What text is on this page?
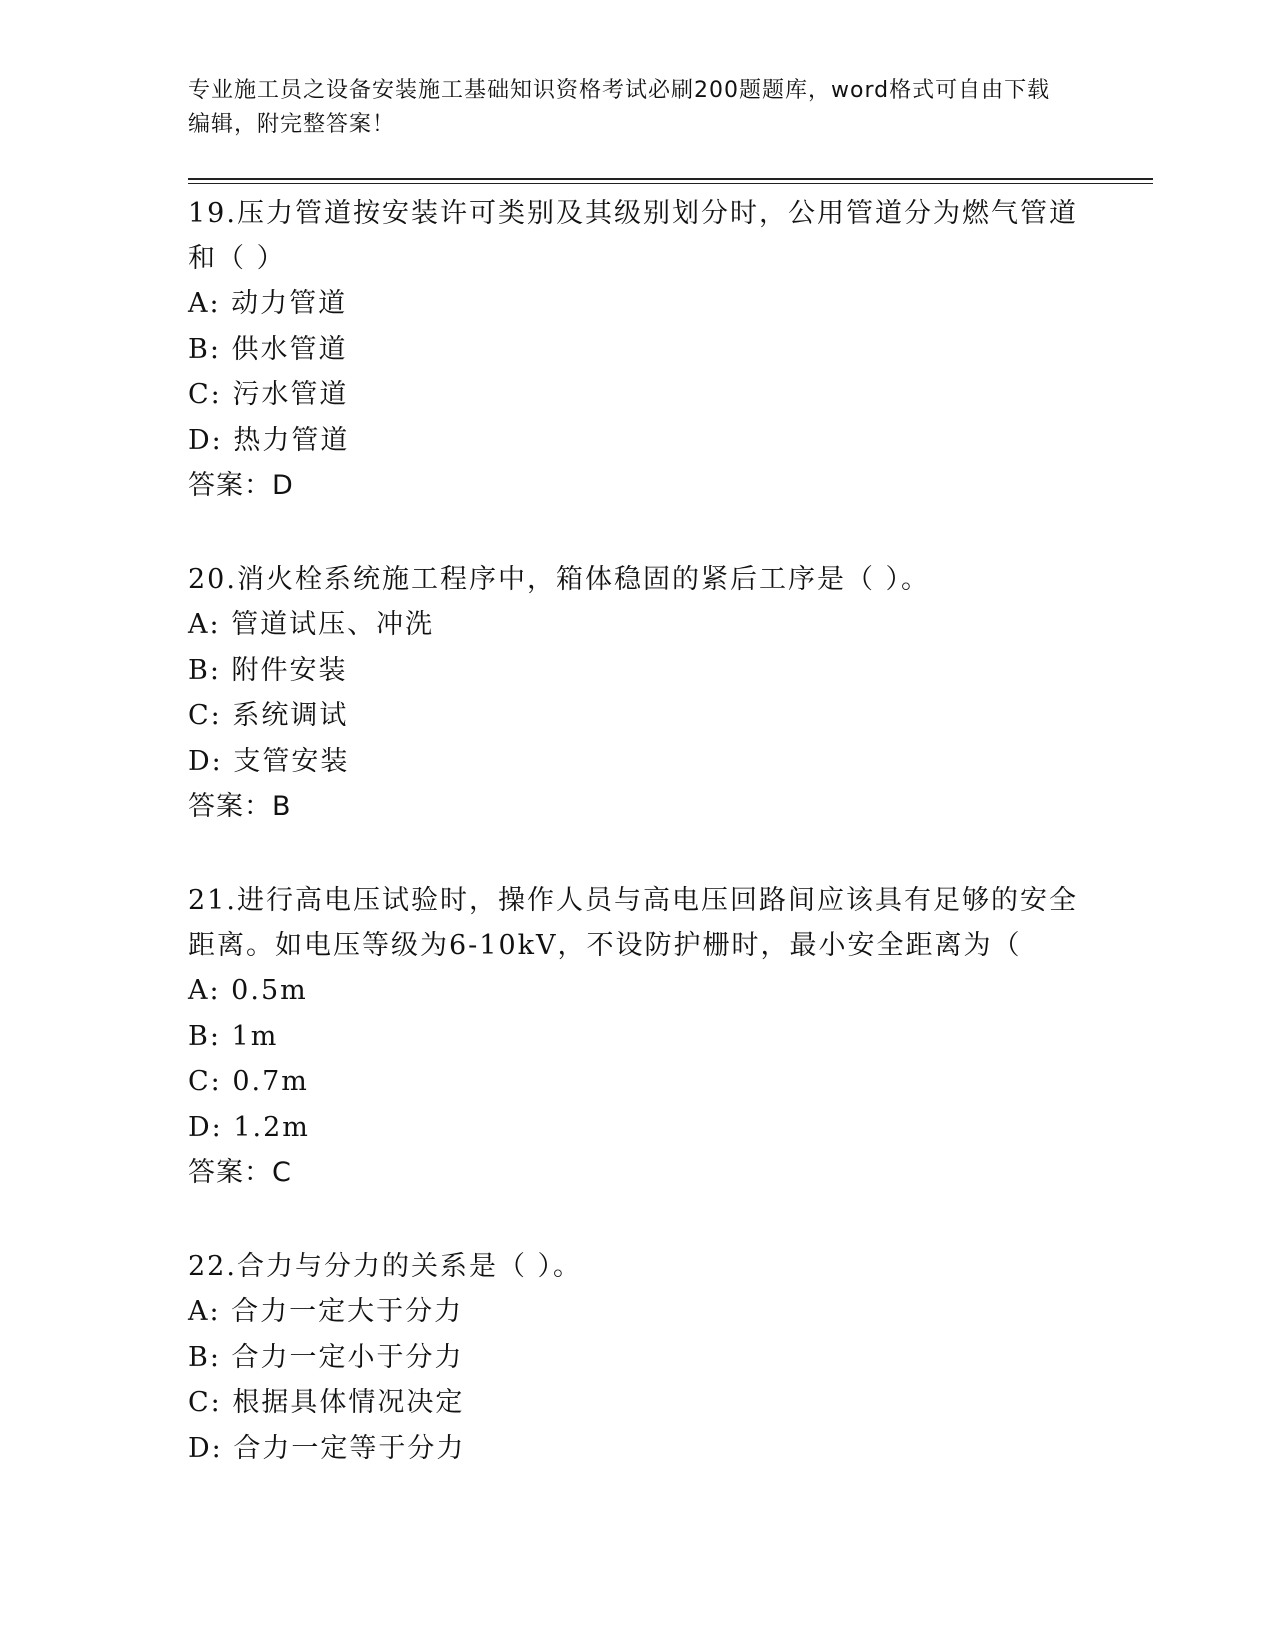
专业施工员之设备安装施工基础知识资格考试必刷200题题库，word格式可自由下载编辑，附完整答案！
19.压力管道按安装许可类别及其级别划分时，公用管道分为燃气管道和（ ）
A: 动力管道
B: 供水管道
C: 污水管道
D: 热力管道
答案：D
20.消火栓系统施工程序中，箱体稳固的紧后工序是（ ）。
A: 管道试压、冲洗
B: 附件安装
C: 系统调试
D: 支管安装
答案：B
21.进行高电压试验时，操作人员与高电压回路间应该具有足够的安全距离。如电压等级为6-10kV，不设防护栅时，最小安全距离为（
A: 0.5m
B: 1m
C: 0.7m
D: 1.2m
答案：C
22.合力与分力的关系是（ ）。
A: 合力一定大于分力
B: 合力一定小于分力
C: 根据具体情况决定
D: 合力一定等于分力
